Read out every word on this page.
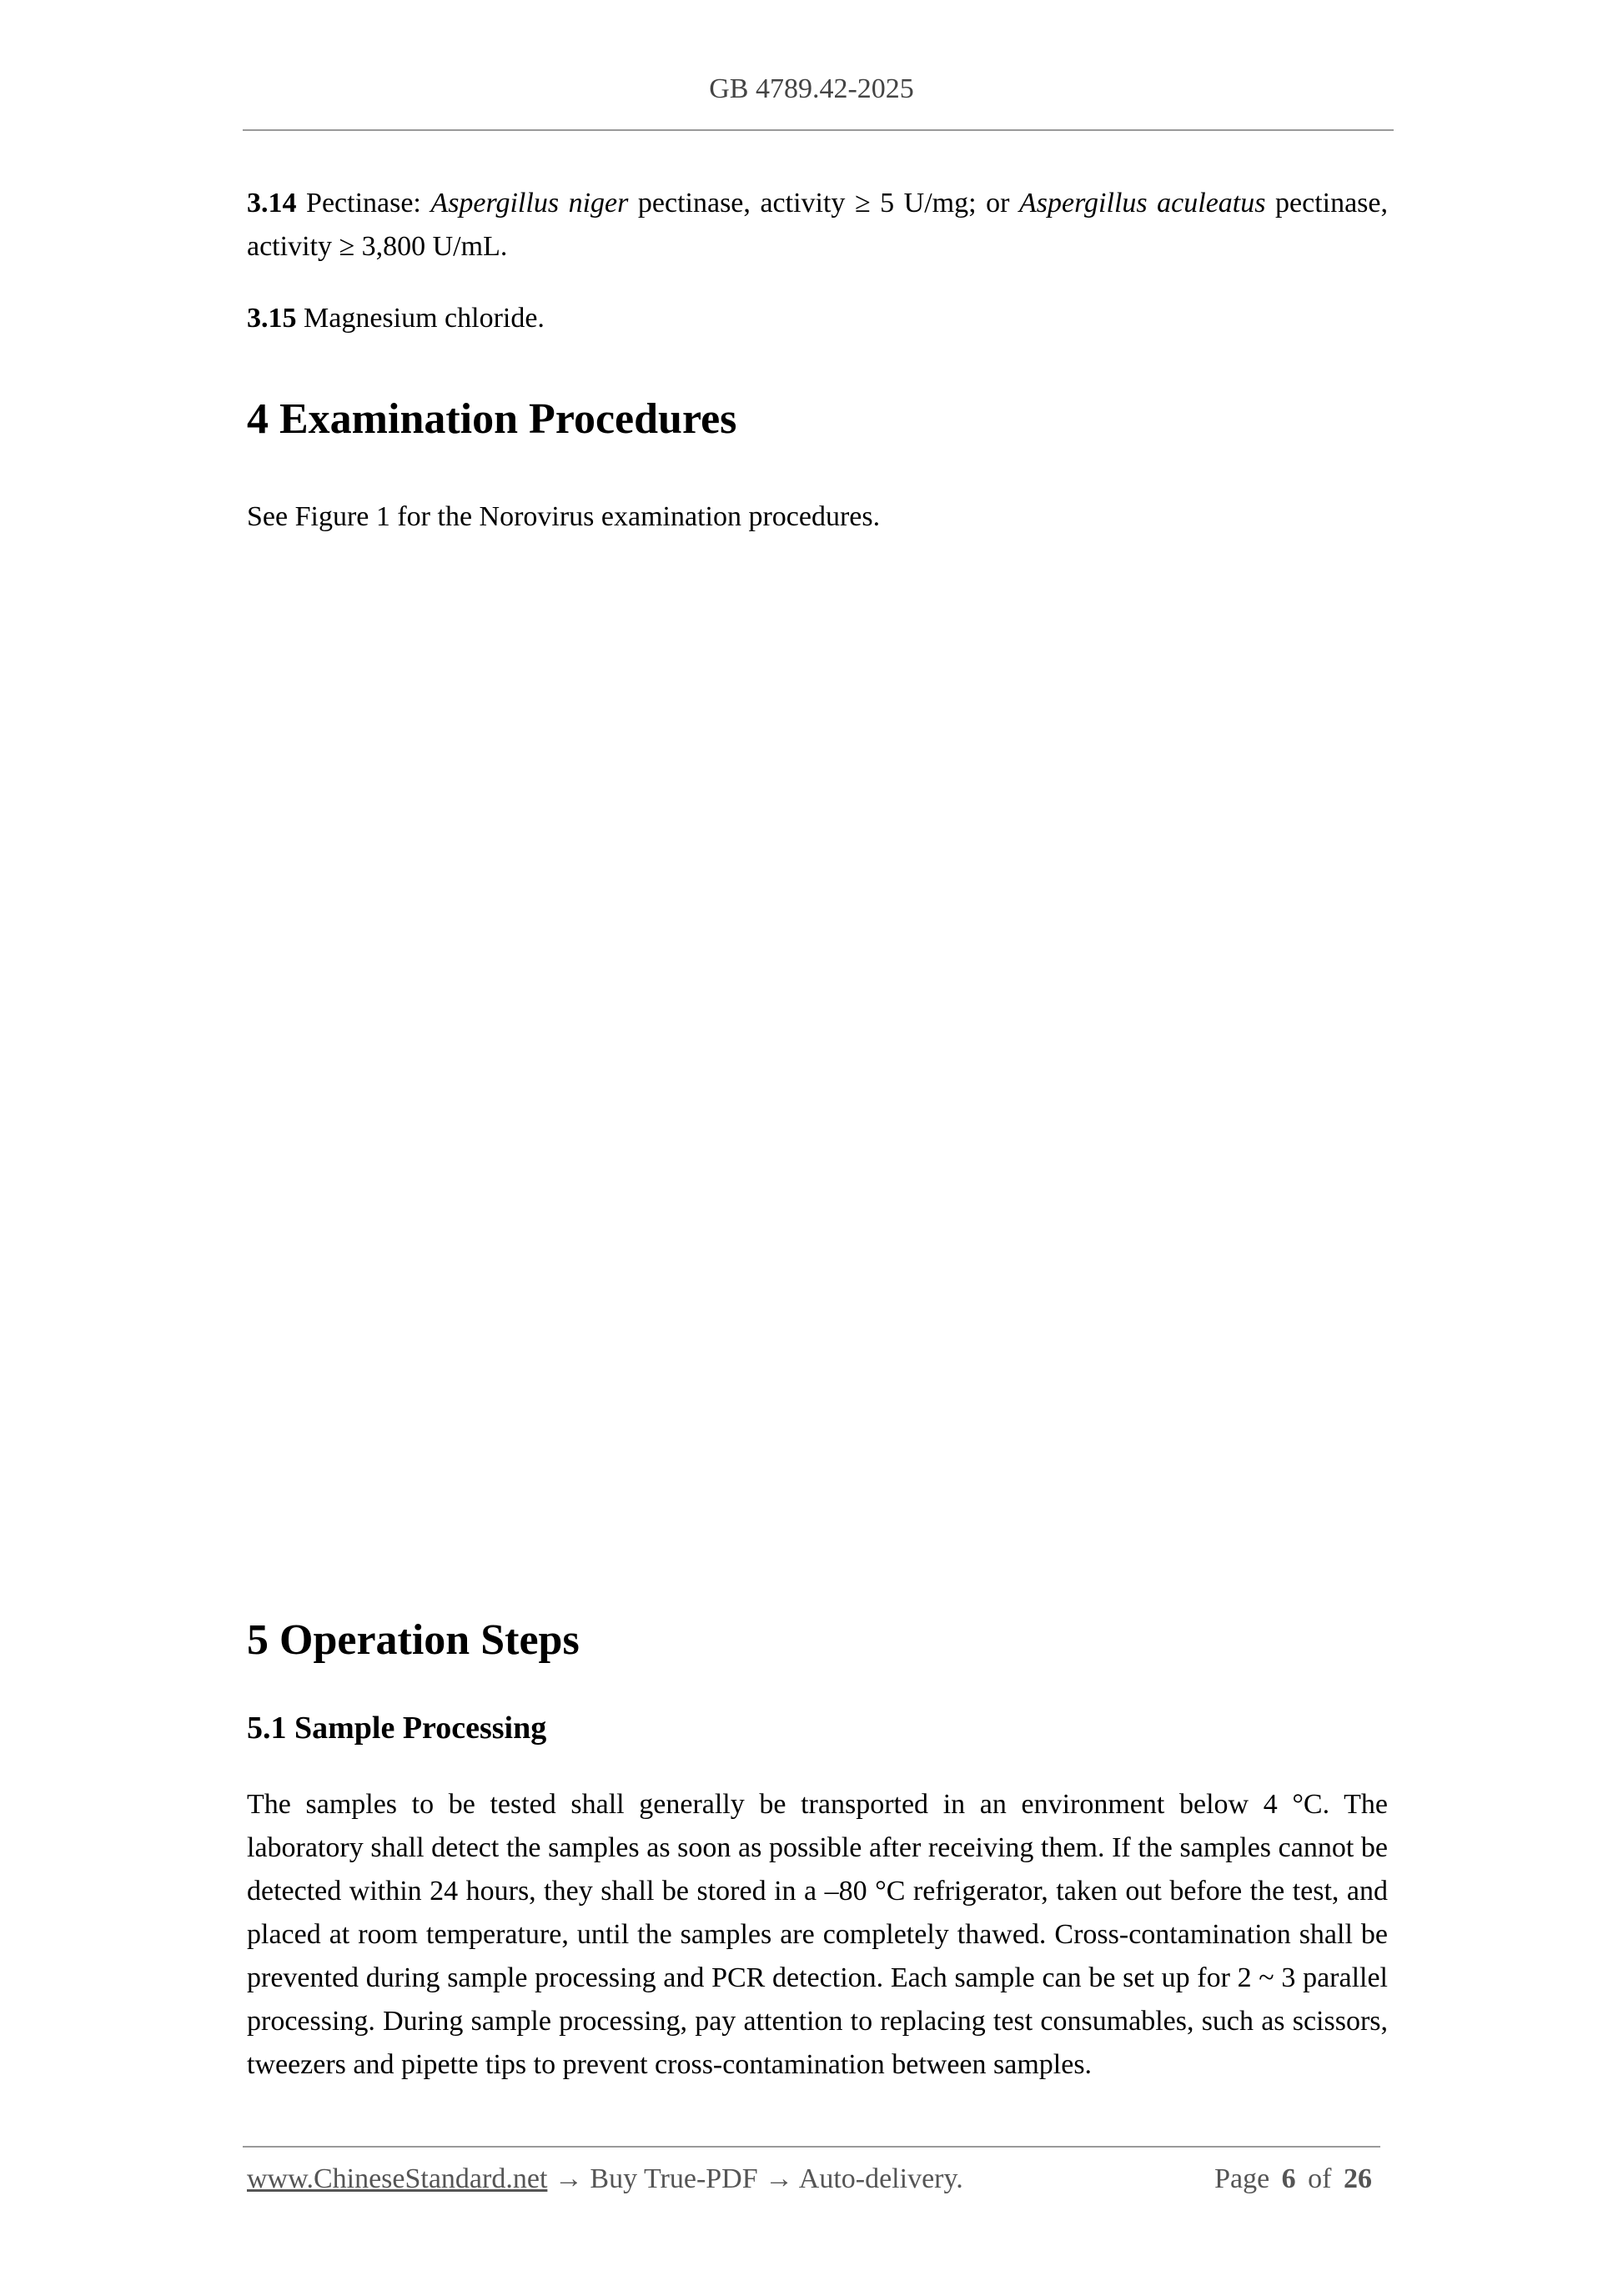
GB 4789.42-2025

3.14 Pectinase: Aspergillus niger pectinase, activity ≥ 5 U/mg; or Aspergillus aculeatus pectinase, activity ≥ 3,800 U/mL.

3.15 Magnesium chloride.

4 Examination Procedures

See Figure 1 for the Norovirus examination procedures.

5 Operation Steps
5.1 Sample Processing

The samples to be tested shall generally be transported in an environment below 4 °C. The laboratory shall detect the samples as soon as possible after receiving them. If the samples cannot be detected within 24 hours, they shall be stored in a –80 °C refrigerator, taken out before the test, and placed at room temperature, until the samples are completely thawed. Cross-contamination shall be prevented during sample processing and PCR detection. Each sample can be set up for 2 ~ 3 parallel processing. During sample processing, pay attention to replacing test consumables, such as scissors, tweezers and pipette tips to prevent cross-contamination between samples.

www.ChineseStandard.net → Buy True-PDF → Auto-delivery.	Page 6 of 26
